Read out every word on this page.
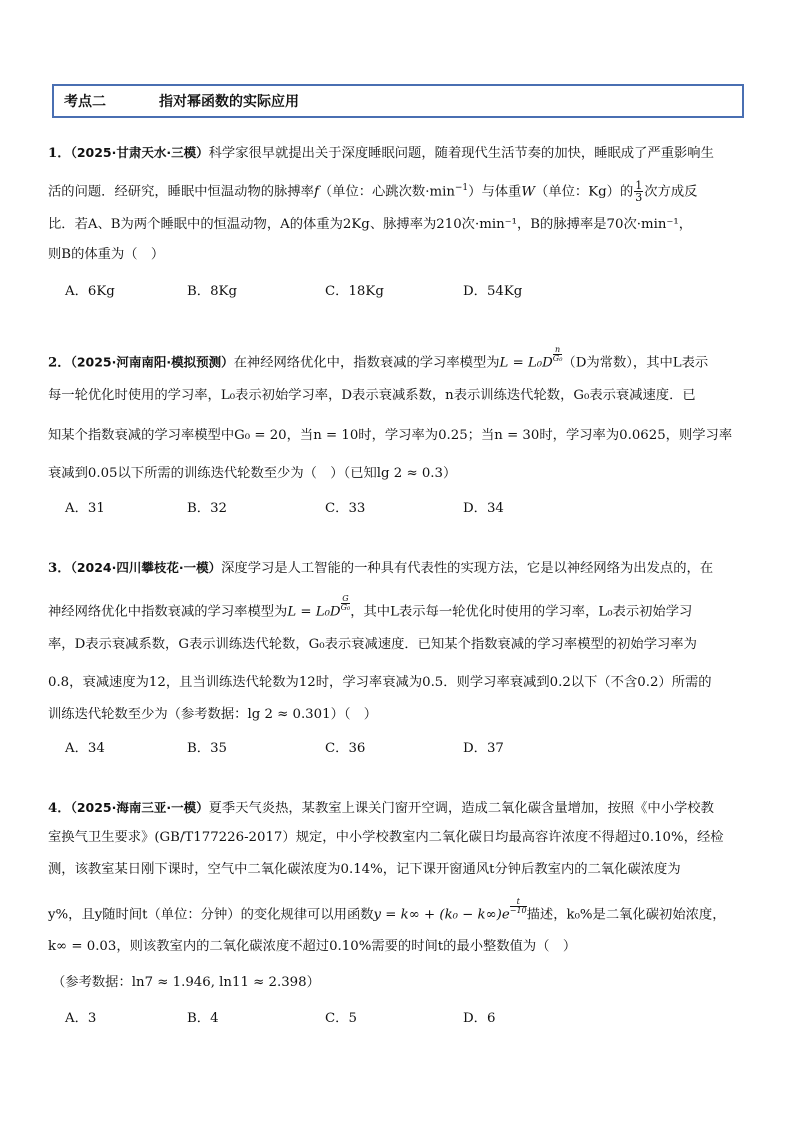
考点二	指对幂函数的实际应用
1．（2025·甘肃天水·三模）科学家很早就提出关于深度睡眠问题，随着现代生活节奏的加快，睡眠成了严重影响生
活的问题．经研究，睡眠中恒温动物的脉搏率f（单位：心跳次数$\cdot\min^{-1}$）与体重W（单位：Kg）的 $\frac{1}{3}$ 次方成反
比．若A、B为两个睡眠中的恒温动物，A的体重为2Kg、脉搏率为210次·min⁻¹，B的脉搏率是70次·min⁻¹，
则B的体重为（　）
A．6Kg	B．8Kg	C．18Kg	D．54Kg
2．（2025·河南南阳·模拟预测）在神经网络优化中，指数衰减的学习率模型为$L = L_0D \frac{n}{\text{G₀}} (D$为常数），其中L表示
每一轮优化时使用的学习率，L₀表示初始学习率，D表示衰减系数，n表示训练迭代轮数，G₀表示衰减速度．已
知某个指数衰减的学习率模型中G₀ = 20，当n = 10时，学习率为0.25；当n = 30时，学习率为0.0625，则学习率
衰减到0.05以下所需的训练迭代轮数至少为（　）（已知lg 2 ≈ 0.3）
A．31	B．32	C．33	D．34
3．（2024·四川攀枝花·一模）深度学习是人工智能的一种具有代表性的实现方法，它是以神经网络为出发点的，在
神经网络优化中指数衰减的学习率模型为$L = L_0D \frac{G}{\text{G₀}}$ ，其中L表示每一轮优化时使用的学习率，L₀表示初始学习
率，D表示衰减系数，G表示训练迭代轮数，G₀表示衰减速度．已知某个指数衰减的学习率模型的初始学习率为
0.8，衰减速度为12，且当训练迭代轮数为12时，学习率衰减为0.5．则学习率衰减到0.2以下（不含0.2）所需的
训练迭代轮数至少为（参考数据：lg 2 ≈ 0.301）（　）
A．34	B．35	C．36	D．37
4．（2025·海南三亚·一模）夏季天气炎热，某教室上课关门窗开空调，造成二氧化碳含量增加，按照《中小学校教
室换气卫生要求》(GB/T177226-2017）规定，中小学校教室内二氧化碳日均最高容许浓度不得超过0.10%，经检
测，该教室某日刚下课时，空气中二氧化碳浓度为0.14%，记下课开窗通风t分钟后教室内的二氧化碳浓度为
y%，且y随时间t（单位：分钟）的变化规律可以用函数$y = k\infty + (k_0 - k\infty)e \frac{t}{-10}$ 描述，k₀%是二氧化碳初始浓度，
k∞ = 0.03，则该教室内的二氧化碳浓度不超过0.10%需要的时间t的最小整数值为（　）
（参考数据：ln7 ≈ 1.946, ln11 ≈ 2.398）
A．3	B．4	C．5	D．6
